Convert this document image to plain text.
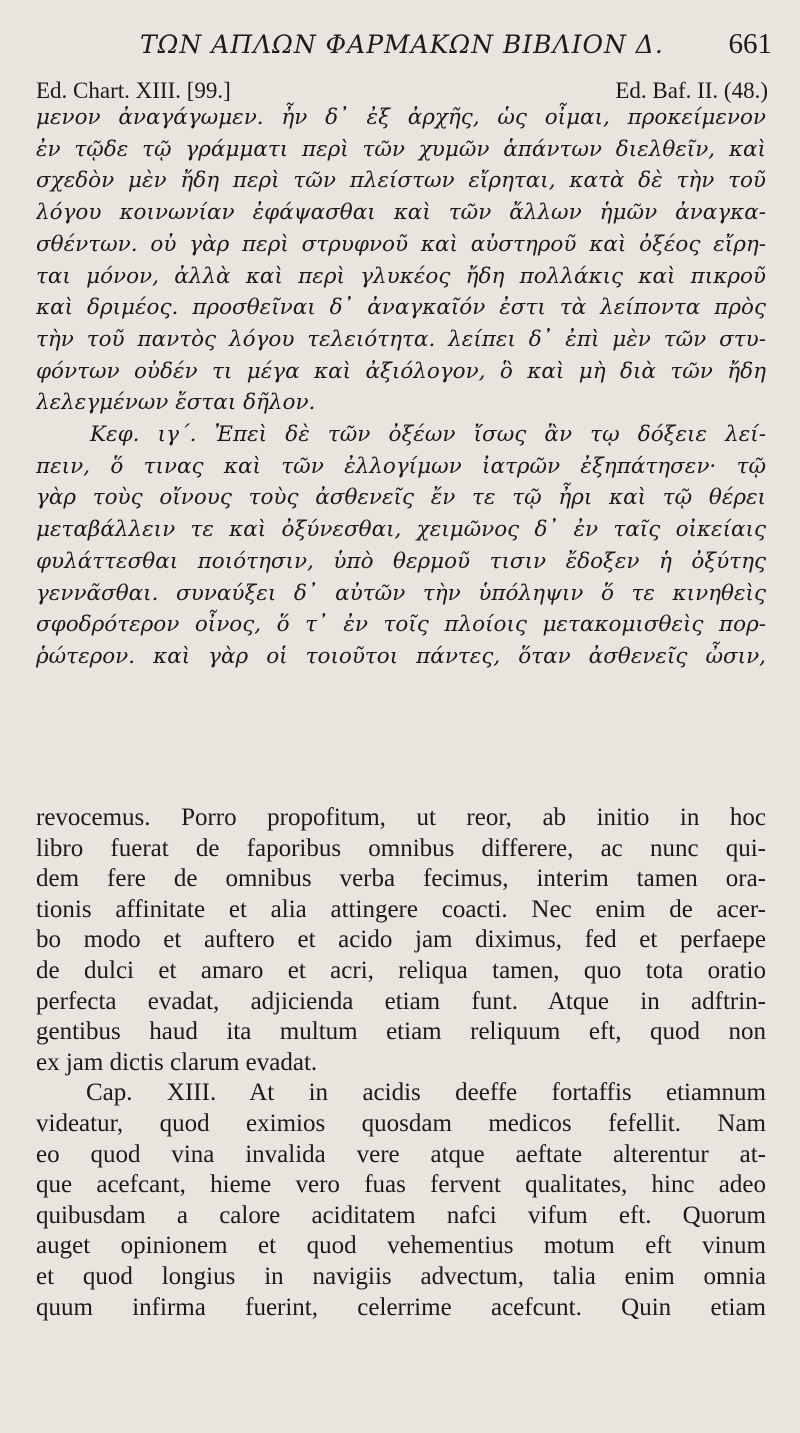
ΤΩΝ ΑΠΛΩΝ ΦΑΡΜΑΚΩΝ ΒΙΒΛΙΟΝ Δ. 661
Ed. Chart. XIII. [99.]	Ed. Baf. II. (48.)
μενον ἀναγάγωμεν. ἦν δ᾽ ἐξ ἀρχῆς, ὡς οἶμαι, προκείμενον
ἐν τῷδε τῷ γράμματι περὶ τῶν χυμῶν ἁπάντων διελθεῖν, καὶ
σχεδὸν μὲν ἤδη περὶ τῶν πλείστων εἴρηται, κατὰ δὲ τὴν τοῦ
λόγου κοινωνίαν ἐφάψασθαι καὶ τῶν ἄλλων ἡμῶν ἀναγκα-
σθέντων. οὐ γὰρ περὶ στρυφνοῦ καὶ αὐστηροῦ καὶ ὀξέος εἴρη-
ται μόνον, ἀλλὰ καὶ περὶ γλυκέος ἤδη πολλάκις καὶ πικροῦ
καὶ δριμέος. προσθεῖναι δ᾽ ἀναγκαῖόν ἐστι τὰ λείποντα πρὸς
τὴν τοῦ παντὸς λόγου τελειότητα. λείπει δ᾽ ἐπὶ μὲν τῶν στυ-
φόντων οὐδέν τι μέγα καὶ ἀξιόλογον, ὃ καὶ μὴ διὰ τῶν ἤδη
λελεγμένων ἔσται δῆλον.
Κεφ. ιγ΄. Ἐπεὶ δὲ τῶν ὀξέων ἴσως ἂν τῳ δόξειε λεί-
πειν, ὅ τινας καὶ τῶν ἐλλογίμων ἰατρῶν ἐξηπάτησεν· τῷ
γὰρ τοὺς οἴνους τοὺς ἀσθενεῖς ἔν τε τῷ ἦρι καὶ τῷ θέρει
μεταβάλλειν τε καὶ ὀξύνεσθαι, χειμῶνος δ᾽ ἐν ταῖς οἰκείαις
φυλάττεσθαι ποιότησιν, ὑπὸ θερμοῦ τισιν ἔδοξεν ἡ ὀξύτης
γεννᾶσθαι. συναύξει δ᾽ αὐτῶν τὴν ὑπόληψιν ὅ τε κινηθεὶς
σφοδρότερον οἶνος, ὅ τ᾽ ἐν τοῖς πλοίοις μετακομισθεὶς πορ-
ῥώτερον. καὶ γὰρ οἱ τοιοῦτοι πάντες, ὅταν ἀσθενεῖς ὦσιν,
revocemus. Porro propofitum, ut reor, ab initio in hoc
libro fuerat de faporibus omnibus differere, ac nunc qui-
dem fere de omnibus verba fecimus, interim tamen ora-
tionis affinitate et alia attingere coacti. Nec enim de acer-
bo modo et auftero et acido jam diximus, fed et perfaepe
de dulci et amaro et acri, reliqua tamen, quo tota oratio
perfecta evadat, adjicienda etiam funt. Atque in adftrin-
gentibus haud ita multum etiam reliquum eft, quod non
ex jam dictis clarum evadat.
Cap. XIII. At in acidis deeffe fortaffis etiamnum
videatur, quod eximios quosdam medicos fefellit. Nam
eo quod vina invalida vere atque aeftate alterentur at-
que acefcant, hieme vero fuas fervent qualitates, hinc adeo
quibusdam a calore aciditatem nafci vifum eft. Quorum
auget opinionem et quod vehementius motum eft vinum
et quod longius in navigiis advectum, talia enim omnia
quum infirma fuerint, celerrime acefcunt. Quin etiam
